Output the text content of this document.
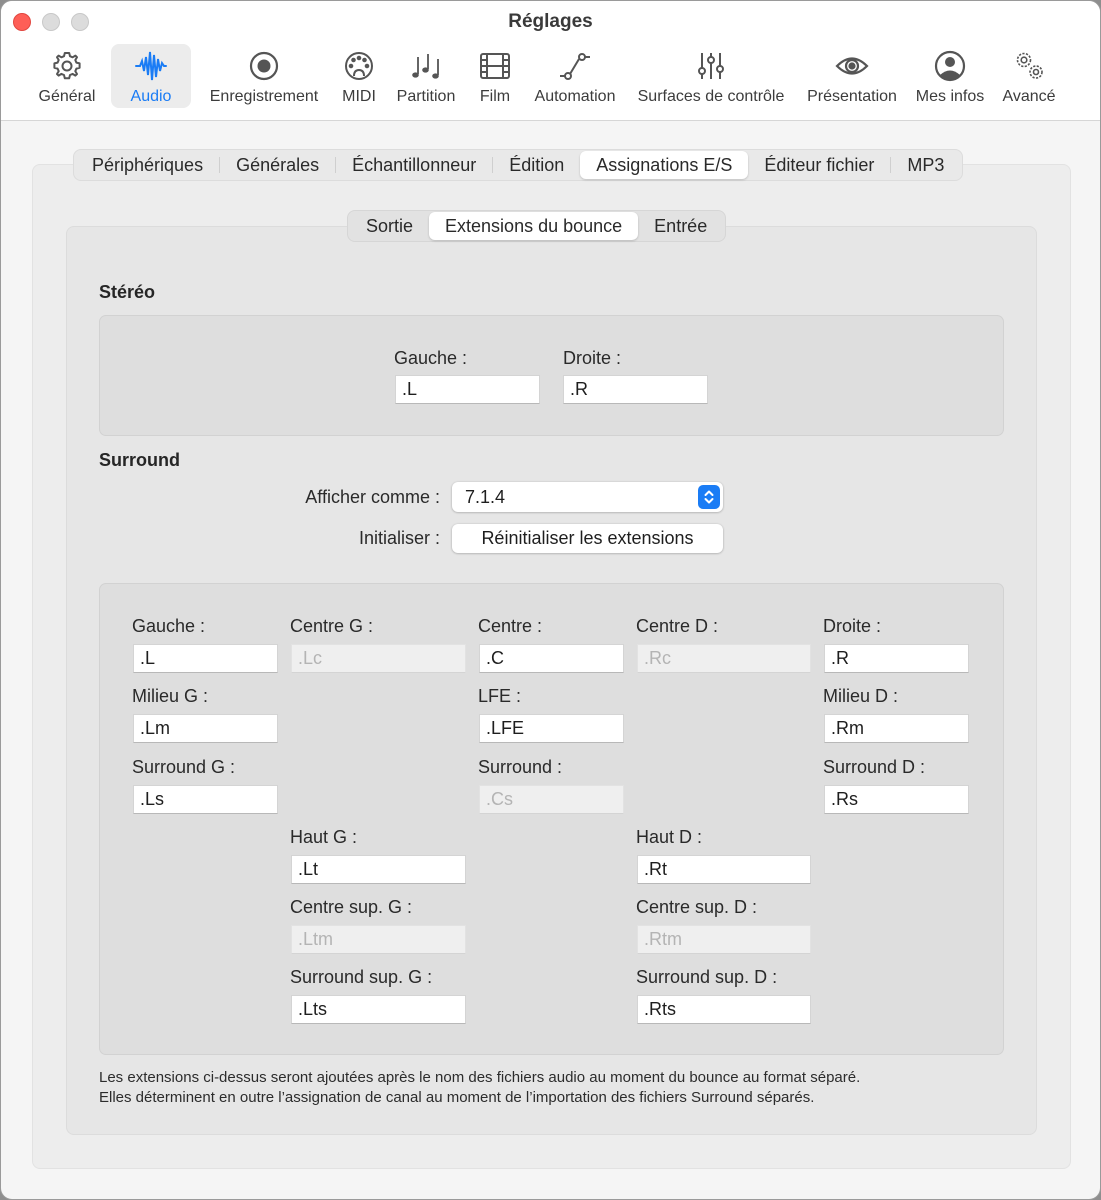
Réglages
Général Audio Enregistrement MIDI Partition Film Automation Surfaces de contrôle Présentation Mes infos Avancé
Périphériques	Générales	Échantillonneur	Édition	Assignations E/S	Éditeur fichier	MP3
Sortie	Extensions du bounce	Entrée
Stéréo
Gauche :
.L	Droite :
.R
Surround
Afficher comme :	7.1.4
Initialiser :	Réinitialiser les extensions
Gauche :
.L	Centre G :
.Lc	Centre :
.C	Centre D :
.Rc	Droite :
.R
Milieu G :
.Lm	LFE :
.LFE	Milieu D :
.Rm
Surround G :
.Ls	Surround :
.Cs	Surround D :
.Rs
Haut G :
.Lt	Haut D :
.Rt
Centre sup. G :
.Ltm	Centre sup. D :
.Rtm
Surround sup. G :
.Lts	Surround sup. D :
.Rts
Les extensions ci-dessus seront ajoutées après le nom des fichiers audio au moment du bounce au format séparé.
Elles déterminent en outre l’assignation de canal au moment de l’importation des fichiers Surround séparés.
